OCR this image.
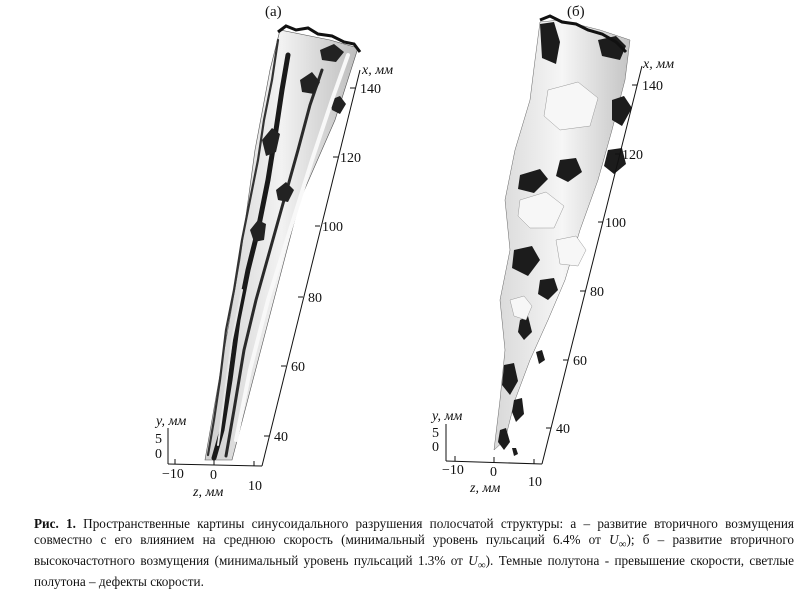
(а)	(б)
40
60
80
100
120
140
x, мм
−10 0
10
z, мм
5
0
y, мм
40
60
80
100
120
140
x, мм
−10 0
10
z, мм
5
0
y, мм
Рис. 1. Пространственные картины синусоидального разрушения полосчатой структуры: а – развитие вторичного возмущения совместно с его влиянием на среднюю скорость (минимальный уровень пульсаций 6.4% от $U_\infty$); б – развитие вторичного высокочастотного возмущения (минимальный уровень пульсаций 1.3% от $U_\infty$). Темные полутона - превышение скорости, светлые полутона – дефекты скорости.
